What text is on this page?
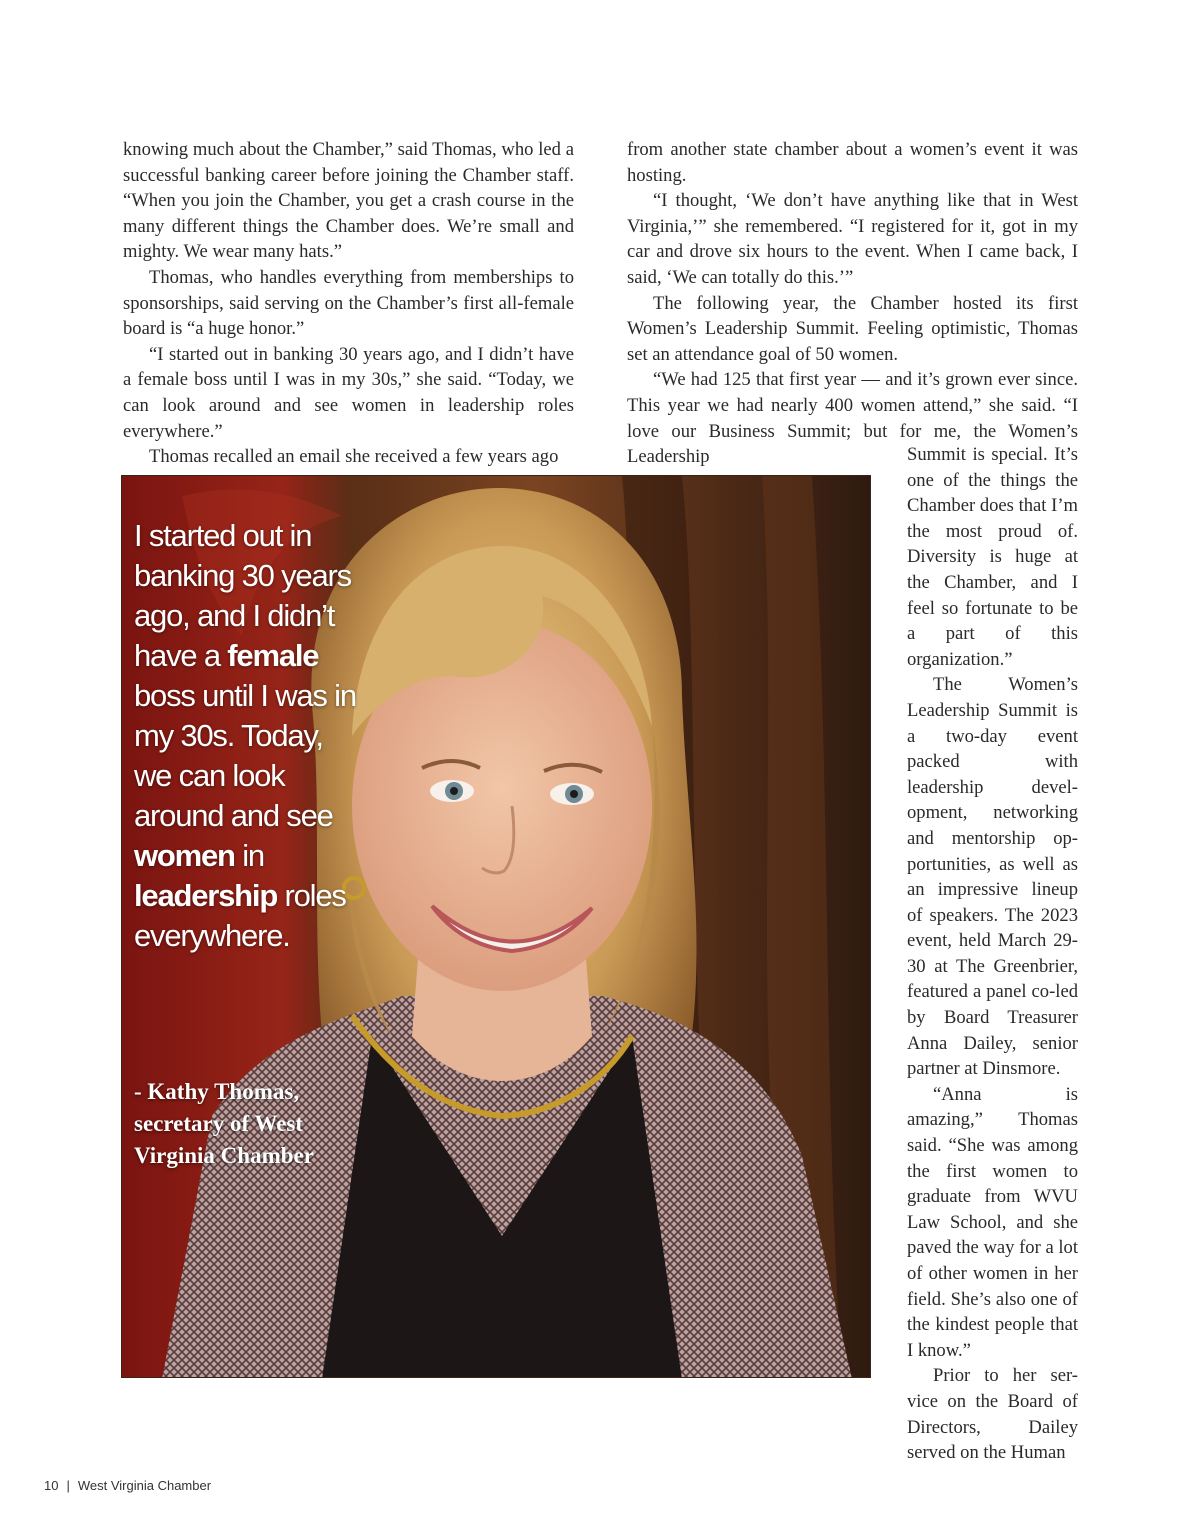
knowing much about the Chamber,” said Thomas, who led a successful banking career before joining the Chamber staff. “When you join the Chamber, you get a crash course in the many different things the Chamber does. We’re small and mighty. We wear many hats.”

Thomas, who handles everything from memberships to sponsorships, said serving on the Chamber’s first all-female board is “a huge honor.”

“I started out in banking 30 years ago, and I didn’t have a female boss until I was in my 30s,” she said. “Today, we can look around and see women in leadership roles everywhere.”

Thomas recalled an email she received a few years ago

from another state chamber about a women’s event it was hosting.

“I thought, ‘We don’t have anything like that in West Virginia,’” she remembered. “I registered for it, got in my car and drove six hours to the event. When I came back, I said, ‘We can totally do this.’”

The following year, the Chamber hosted its first Women’s Leadership Summit. Feeling optimistic, Thomas set an attendance goal of 50 women.

“We had 125 that first year — and it’s grown ever since. This year we had nearly 400 women attend,” she said. “I love our Business Summit; but for me, the Women’s Leadership	Summit is special. It’s one of the things the Chamber does that I’m the most proud of. Diversity is huge at the Chamber, and I feel so fortunate to be a part of this organization.”

The Women’s Leadership Summit is a two-day event packed with leadership devel-opment, networking and mentorship op-portunities, as well as an impressive lineup of speakers. The 2023 event, held March 29-30 at The Greenbrier, featured a panel co-led by Board Treasurer Anna Dailey, senior partner at Dinsmore.

“Anna is amazing,” Thomas said. “She was among the first women to graduate from WVU Law School, and she paved the way for a lot of other women in her field. She’s also one of the kindest people that I know.”

Prior to her ser-vice on the Board of Directors, Dailey served on the Human

I started out in banking 30 years ago, and I didn’t have a female boss until I was in my 30s. Today, we can look around and see women in leadership roles everywhere.
- Kathy Thomas, secretary of West Virginia Chamber
10 | West Virginia Chamber
